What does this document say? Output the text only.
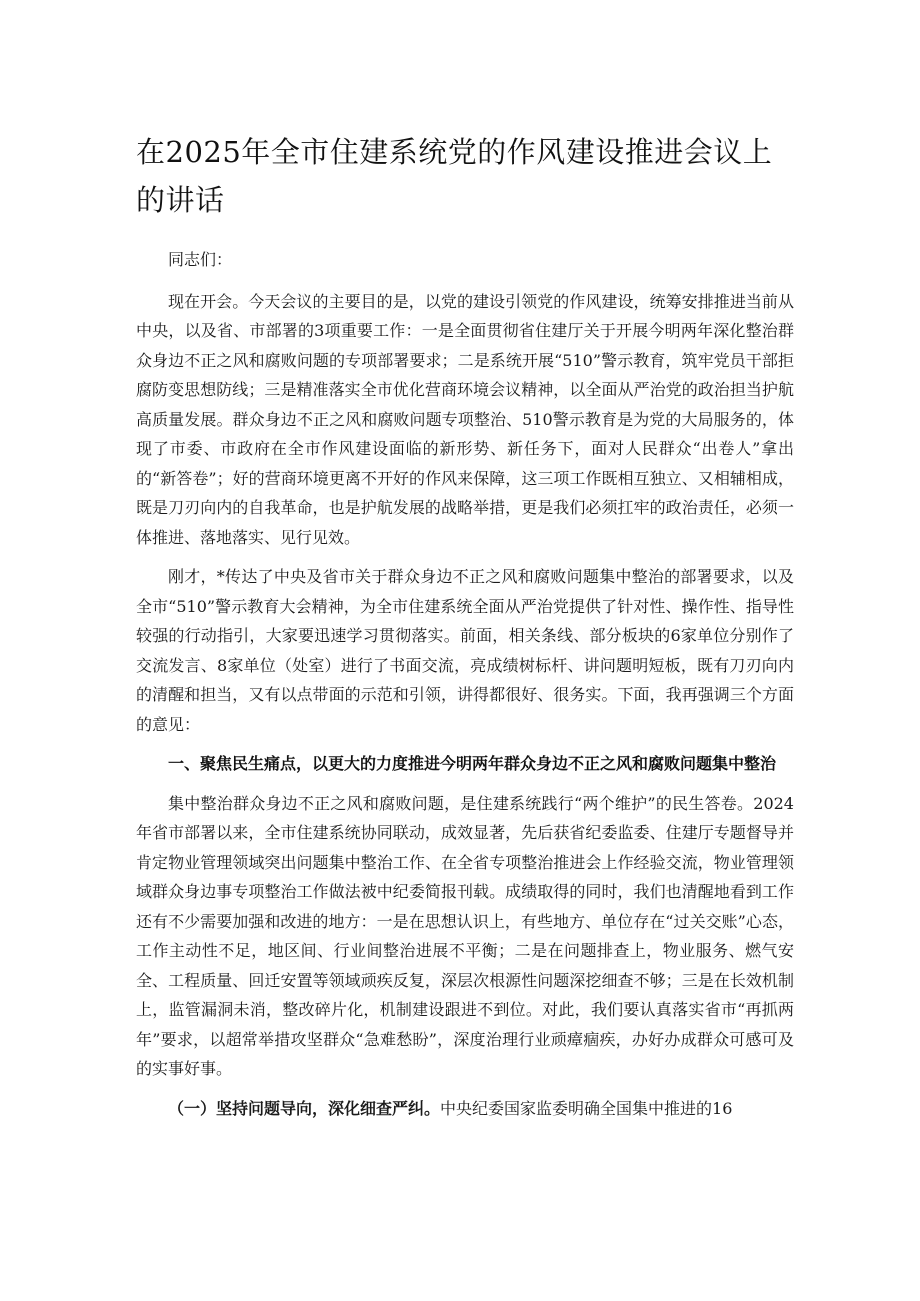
在2025年全市住建系统党的作风建设推进会议上的讲话

同志们：

现在开会。今天会议的主要目的是，以党的建设引领党的作风建设，统筹安排推进当前从中央，以及省、市部署的3项重要工作：一是全面贯彻省住建厅关于开展今明两年深化整治群众身边不正之风和腐败问题的专项部署要求；二是系统开展“510”警示教育，筑牢党员干部拒腐防变思想防线；三是精准落实全市优化营商环境会议精神，以全面从严治党的政治担当护航高质量发展。群众身边不正之风和腐败问题专项整治、510警示教育是为党的大局服务的，体现了市委、市政府在全市作风建设面临的新形势、新任务下，面对人民群众“出卷人”拿出的“新答卷”；好的营商环境更离不开好的作风来保障，这三项工作既相互独立、又相辅相成，既是刀刃向内的自我革命，也是护航发展的战略举措，更是我们必须扛牢的政治责任，必须一体推进、落地落实、见行见效。

刚才，*传达了中央及省市关于群众身边不正之风和腐败问题集中整治的部署要求，以及全市“510”警示教育大会精神，为全市住建系统全面从严治党提供了针对性、操作性、指导性较强的行动指引，大家要迅速学习贯彻落实。前面，相关条线、部分板块的6家单位分别作了交流发言、8家单位（处室）进行了书面交流，亮成绩树标杆、讲问题明短板，既有刀刃向内的清醒和担当，又有以点带面的示范和引领，讲得都很好、很务实。下面，我再强调三个方面的意见：

一、聚焦民生痛点，以更大的力度推进今明两年群众身边不正之风和腐败问题集中整治

集中整治群众身边不正之风和腐败问题，是住建系统践行“两个维护”的民生答卷。2024年省市部署以来，全市住建系统协同联动，成效显著，先后获省纪委监委、住建厅专题督导并肯定物业管理领域突出问题集中整治工作、在全省专项整治推进会上作经验交流，物业管理领域群众身边事专项整治工作做法被中纪委简报刊载。成绩取得的同时，我们也清醒地看到工作还有不少需要加强和改进的地方：一是在思想认识上，有些地方、单位存在“过关交账”心态，工作主动性不足，地区间、行业间整治进展不平衡；二是在问题排查上，物业服务、燃气安全、工程质量、回迁安置等领域顽疾反复，深层次根源性问题深挖细查不够；三是在长效机制上，监管漏洞未消，整改碎片化，机制建设跟进不到位。对此，我们要认真落实省市“再抓两年”要求，以超常举措攻坚群众“急难愁盼”，深度治理行业顽瘴痼疾，办好办成群众可感可及的实事好事。

（一）坚持问题导向，深化细查严纠。中央纪委国家监委明确全国集中推进的16
